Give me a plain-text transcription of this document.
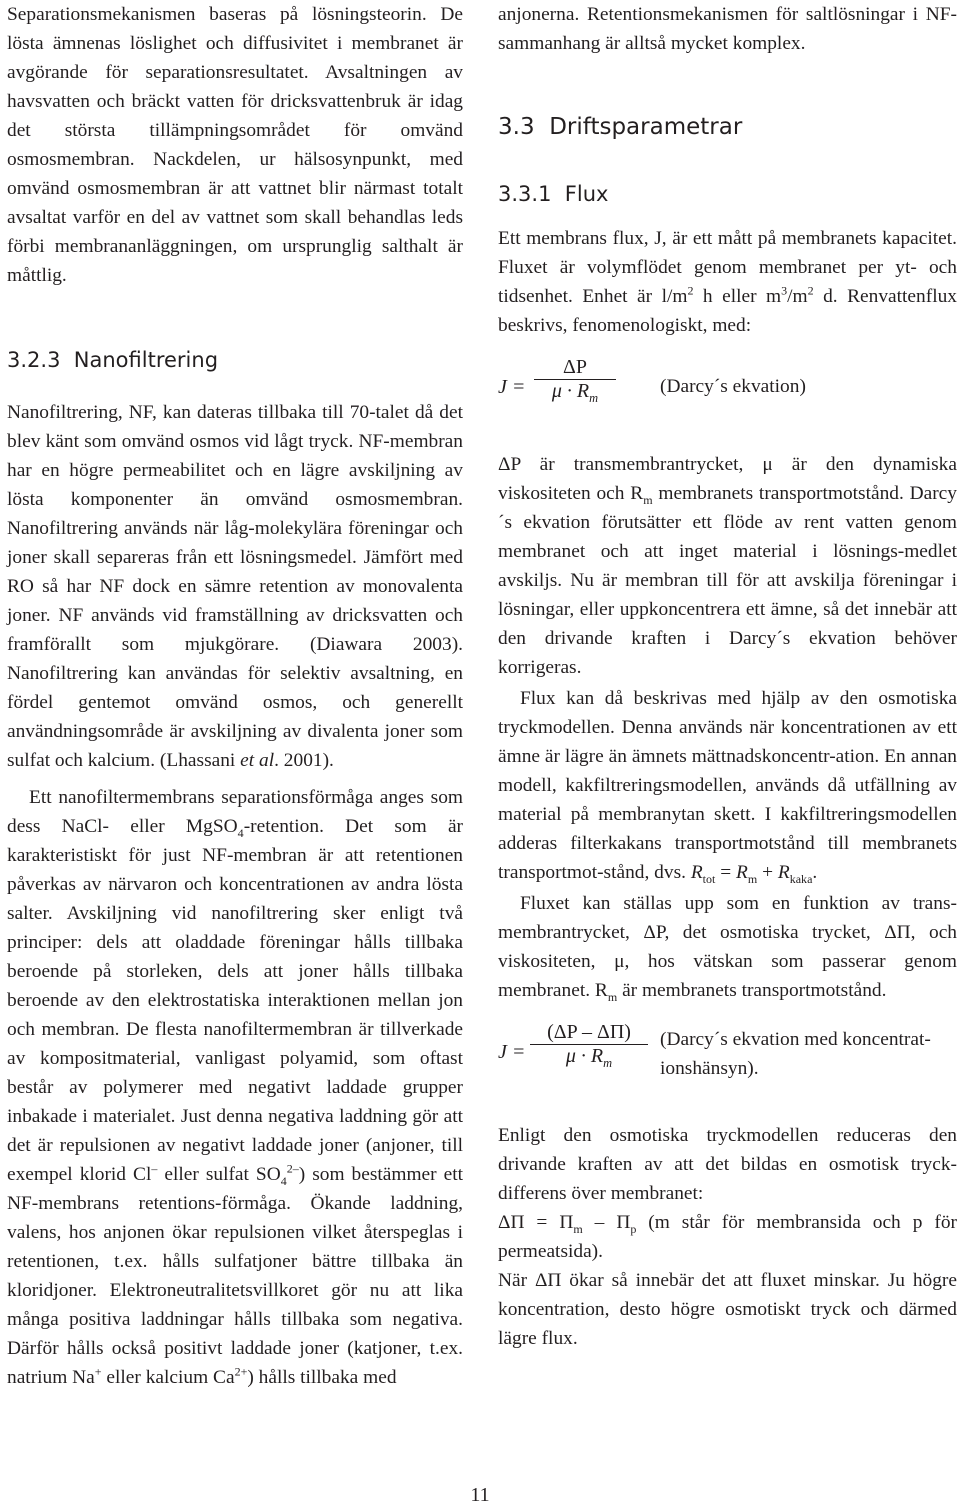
Separationsmekanismen baseras på lösningsteorin. De lösta ämnenas löslighet och diffusivitet i membranet är avgörande för separationsresultatet. Avsaltningen av havsvatten och bräckt vatten för dricksvattenbruk är idag det största tillämpningsområdet för omvänd osmosmembran. Nackdelen, ur hälsosynpunkt, med omvänd osmosmembran är att vattnet blir närmast totalt avsaltat varför en del av vattnet som skall behandlas leds förbi membrananläggningen, om ursprunglig salthalt är måttlig.

3.2.3 Nanofiltrering

Nanofiltrering, NF, kan dateras tillbaka till 70-talet då det blev känt som omvänd osmos vid lågt tryck. NF-membran har en högre permeabilitet och en lägre avskiljning av lösta komponenter än omvänd osmosmembran. Nanofiltrering används när låg-molekylära föreningar och joner skall separeras från ett lösningsmedel. Jämfört med RO så har NF dock en sämre retention av monovalenta joner. NF används vid framställning av dricksvatten och framförallt som mjukgörare. (Diawara 2003). Nanofiltrering kan användas för selektiv avsaltning, en fördel gentemot omvänd osmos, och generellt användningsområde är avskiljning av divalenta joner som sulfat och kalcium. (Lhassani et al. 2001).

Ett nanofiltermembrans separationsförmåga anges som dess NaCl- eller MgSO$_4$-retention. Det som är karakteristiskt för just NF-membran är att retentionen påverkas av närvaron och koncentrationen av andra lösta salter. Avskiljning vid nanofiltrering sker enligt två principer: dels att oladdade föreningar hålls tillbaka beroende på storleken, dels att joner hålls tillbaka beroende av den elektrostatiska interaktionen mellan jon och membran. De flesta nanofiltermembran är tillverkade av kompositmaterial, vanligast polyamid, som oftast består av polymerer med negativt laddade grupper inbakade i materialet. Just denna negativa laddning gör att det är repulsionen av negativt laddade joner (anjoner, till exempel klorid Cl– eller sulfat $SO_4^{2-}$) som bestämmer ett NF-membrans retentions-förmåga. Ökande laddning, valens, hos anjonen ökar repulsionen vilket återspeglas i retentionen, t.ex. hålls sulfatjoner bättre tillbaka än kloridjoner. Elektroneutralitetsvillkoret gör nu att lika många positiva laddningar hålls tillbaka som negativa. Därför hålls också positivt laddade joner (katjoner, t.ex. natrium Na+ eller kalcium $Ca^{2+}$) hålls tillbaka med

anjonerna. Retentionsmekanismen för saltlösningar i NF-sammanhang är alltså mycket komplex.

3.3 Driftsparametrar
3.3.1 Flux

Ett membrans flux, J, är ett mått på membranets kapacitet. Fluxet är volymflödet genom membranet per yt- och tidsenhet. Enhet är $l/m^2$ h eller $m^3/m^2$ d. Renvattenflux beskrivs, fenomenologiskt, med:

J =
ΔP
$\mu \cdot R_m$
(Darcy´s ekvation)

ΔP är transmembrantrycket, μ är den dynamiska viskositeten och $R_m$ membranets transportmotstånd. Darcy´s ekvation förutsätter ett flöde av rent vatten genom membranet och att inget material i lösnings-medlet avskiljs. Nu är membran till för att avskilja föreningar i lösningar, eller uppkoncentrera ett ämne, så det innebär att den drivande kraften i Darcy´s ekvation behöver korrigeras.

Flux kan då beskrivas med hjälp av den osmotiska tryckmodellen. Denna används när koncentrationen av ett ämne är lägre än ämnets mättnadskoncentr-ation. En annan modell, kakfiltreringsmodellen, används då utfällning av material på membranytan skett. I kakfiltreringsmodellen adderas filterkakans transportmotstånd till membranets transportmot-stånd, dvs. $R_{tot} = R_m + R_{kaka}$.

Fluxet kan ställas upp som en funktion av trans-membrantrycket, ΔP, det osmotiska trycket, ΔΠ, och viskositeten, μ, hos vätskan som passerar genom membranet. $R_m$ är membranets transportmotstånd.

J =
(ΔP – ΔΠ)
$\mu \cdot R_m$
(Darcy´s ekvation med koncentrat-ionshänsyn).

Enligt den osmotiska tryckmodellen reduceras den drivande kraften av att det bildas en osmotisk tryck-differens över membranet:

$\Delta\Pi = \Pi_m - \Pi_p$ (m står för membransida och p för permeatsida).

När ΔΠ ökar så innebär det att fluxet minskar. Ju högre koncentration, desto högre osmotiskt tryck och därmed lägre flux.

11
